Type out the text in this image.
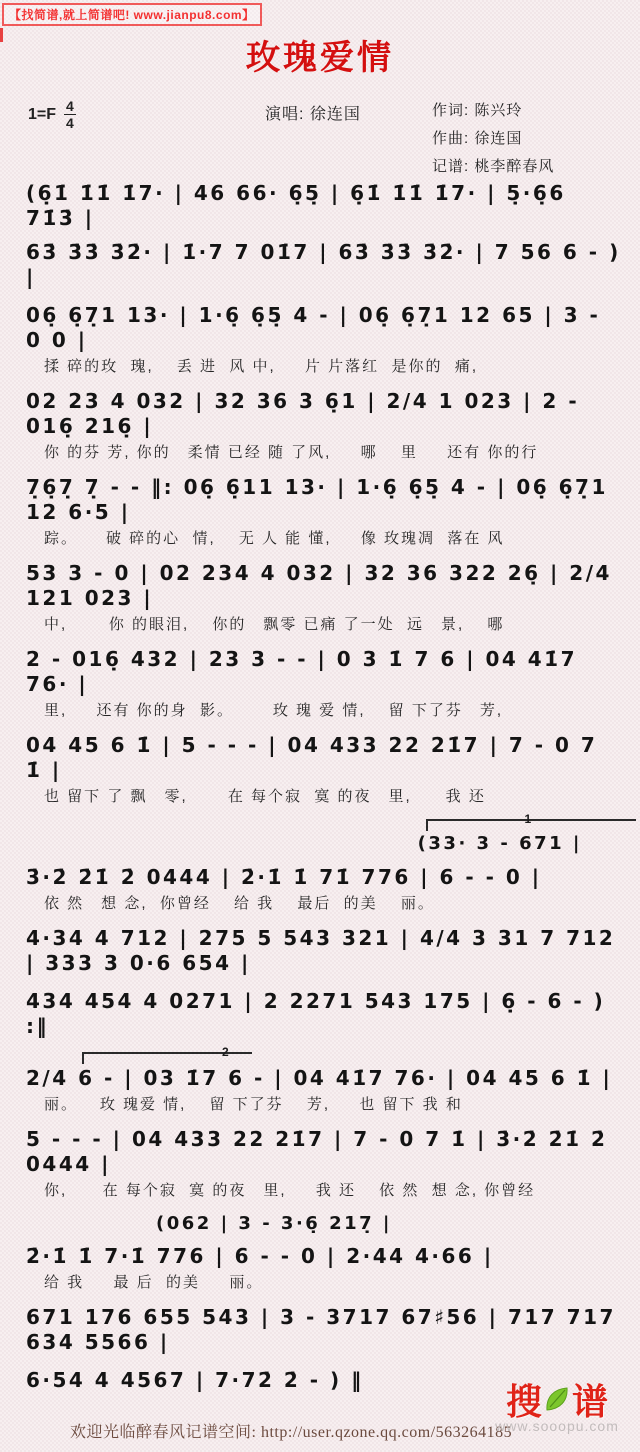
【找简谱,就上简谱吧! www.jianpu8.com】
玫瑰爱情
1=F 4
4	演唱: 徐连国	作词: 陈兴玲
作曲: 徐连国
记谱: 桃李醉春风
(6̣1̇ 1̇1̇ 1̇7· | 46 66· 6̣5̣ | 6̣1̇ 1̇1̇ 1̇7· | 5̣·6̣6 71̇3̇ |
63̇ 3̇3̇ 3̇2̇· | 1̇·7 7 01̇7 | 63̇ 3̇3̇ 3̇2̇· | 7 56 6 - ) |
06̣ 6̣7̣1 13· | 1·6̣ 6̣5̣ 4 - | 06̣ 6̣7̣1 12 65 | 3 - 0 0 |
揉 碎的玫  瑰,　 丢 进  风 中,　  片 片落红  是你的  痛,
02 23 4 032 | 32 36 3 6̣1 | 2/4 1 023 | 2 - 016̣ 216̣ |
你 的芬 芳, 你的　柔情 已经 随 了风,　  哪　 里　  还有 你的行
7̣6̣7̣ 7̣ - - ‖: 06̣ 6̣11 13· | 1·6̣ 6̣5̣ 4 - | 06̣ 6̣7̣1 12 6·5 |
踪。　   破 碎的心  情,　 无 人 能 懂,　  像 玫瑰凋  落在 风
53 3 - 0 | 02 234 4 032 | 32 36 322 26̣ | 2/4 121 023 |
中,　    你 的眼泪,　 你的　飘零 已痛 了一处  远　景,　 哪
2 - 016̣ 432 | 23 3 - - | 0 3 1̇ 7 6 | 04 41̇7 76· |
里,　  还有 你的身  影。　　  玫 瑰 爱 情,　 留 下了芬　芳,
04 45 6 1̇ | 5 - - - | 04 433 22 21̇7 | 7 - 0 7 1̇ |
也 留下 了 飘　零,　　 在 每个寂  寞 的夜　里,　　我 还
1
(33· 3 - 671 |
3̇·2̇ 2̇1̇ 2̇ 0444 | 2̇·1̇ 1̇ 71̇ 776 | 6 - - 0 |
依 然　想 念,  你曾经　 给 我　 最后  的美　 丽。
4·34 4 712 | 275 5 543 321 | 4/4 3 31 7 712 | 333 3 0·6 654 |
434 454 4 0271 | 2 2271 543 175 | 6̣ - 6 - ) :‖
2
2/4 6 - | 03 1̇7 6 - | 04 41̇7 76· | 04 45 6 1̇ |
丽。　  玫 瑰爱 情,　 留 下了芬　 芳,　  也 留下 我 和
5 - - - | 04 433 22 21̇7 | 7 - 0 7 1̇ | 3̇·2̇ 2̇1̇ 2̇ 0444 |
你,　   在 每个寂  寞 的夜　里,　  我 还　 依 然  想 念, 你曾经
(062 | 3 - 3·6̣ 217̣ |
2̇·1̇ 1̇ 7·1̇ 776 | 6 - - 0 | 2·44 4·66 |
给 我　  最 后  的美　  丽。
671 176 655 543 | 3 - 3717 67♯56 | 717 717 634 5566 |
6·54 4 4567 | 7·72̇ 2̇ - ) ‖
欢迎光临醉春风记谱空间: http://user.qzone.qq.com/563264185
搜 谱
www.sooopu.com
